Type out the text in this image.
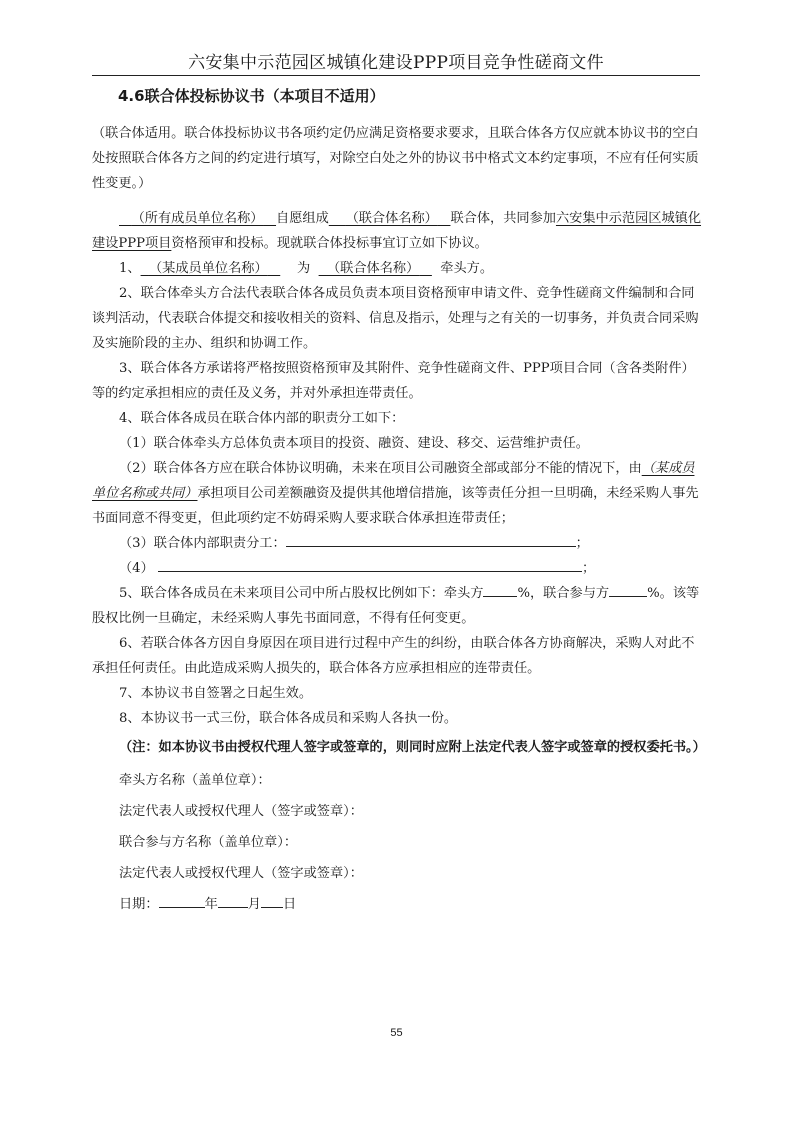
六安集中示范园区城镇化建设PPP项目竞争性磋商文件
4.6联合体投标协议书（本项目不适用）

（联合体适用。联合体投标协议书各项约定仍应满足资格要求要求，且联合体各方仅应就本协议书的空白处按照联合体各方之间的约定进行填写，对除空白处之外的协议书中格式文本约定事项，不应有任何实质性变更。）

（所有成员单位名称） 自愿组成 （联合体名称） 联合体，共同参加六安集中示范园区城镇化建设PPP项目资格预审和投标。现就联合体投标事宜订立如下协议。

1、 （某成员单位名称） 为 （联合体名称） 牵头方。

2、联合体牵头方合法代表联合体各成员负责本项目资格预审申请文件、竞争性磋商文件编制和合同谈判活动，代表联合体提交和接收相关的资料、信息及指示，处理与之有关的一切事务，并负责合同采购及实施阶段的主办、组织和协调工作。

3、联合体各方承诺将严格按照资格预审及其附件、竞争性磋商文件、PPP项目合同（含各类附件）等的约定承担相应的责任及义务，并对外承担连带责任。

4、联合体各成员在联合体内部的职责分工如下：

（1）联合体牵头方总体负责本项目的投资、融资、建设、移交、运营维护责任。

（2）联合体各方应在联合体协议明确，未来在项目公司融资全部或部分不能的情况下，由（某成员单位名称或共同）承担项目公司差额融资及提供其他增信措施，该等责任分担一旦明确，未经采购人事先书面同意不得变更，但此项约定不妨碍采购人要求联合体承担连带责任；

（3）联合体内部职责分工：	；

（4）	；

5、联合体各成员在未来项目公司中所占股权比例如下：牵头方	%，联合参与方	%。该等股权比例一旦确定，未经采购人事先书面同意，不得有任何变更。

6、若联合体各方因自身原因在项目进行过程中产生的纠纷，由联合体各方协商解决，采购人对此不承担任何责任。由此造成采购人损失的，联合体各方应承担相应的连带责任。

7、本协议书自签署之日起生效。

8、本协议书一式三份，联合体各成员和采购人各执一份。

（注：如本协议书由授权代理人签字或签章的，则同时应附上法定代表人签字或签章的授权委托书。）

牵头方名称（盖单位章）：

法定代表人或授权代理人（签字或签章）：

联合参与方名称（盖单位章）：

法定代表人或授权代理人（签字或签章）：

日期：	年 月 日

55
